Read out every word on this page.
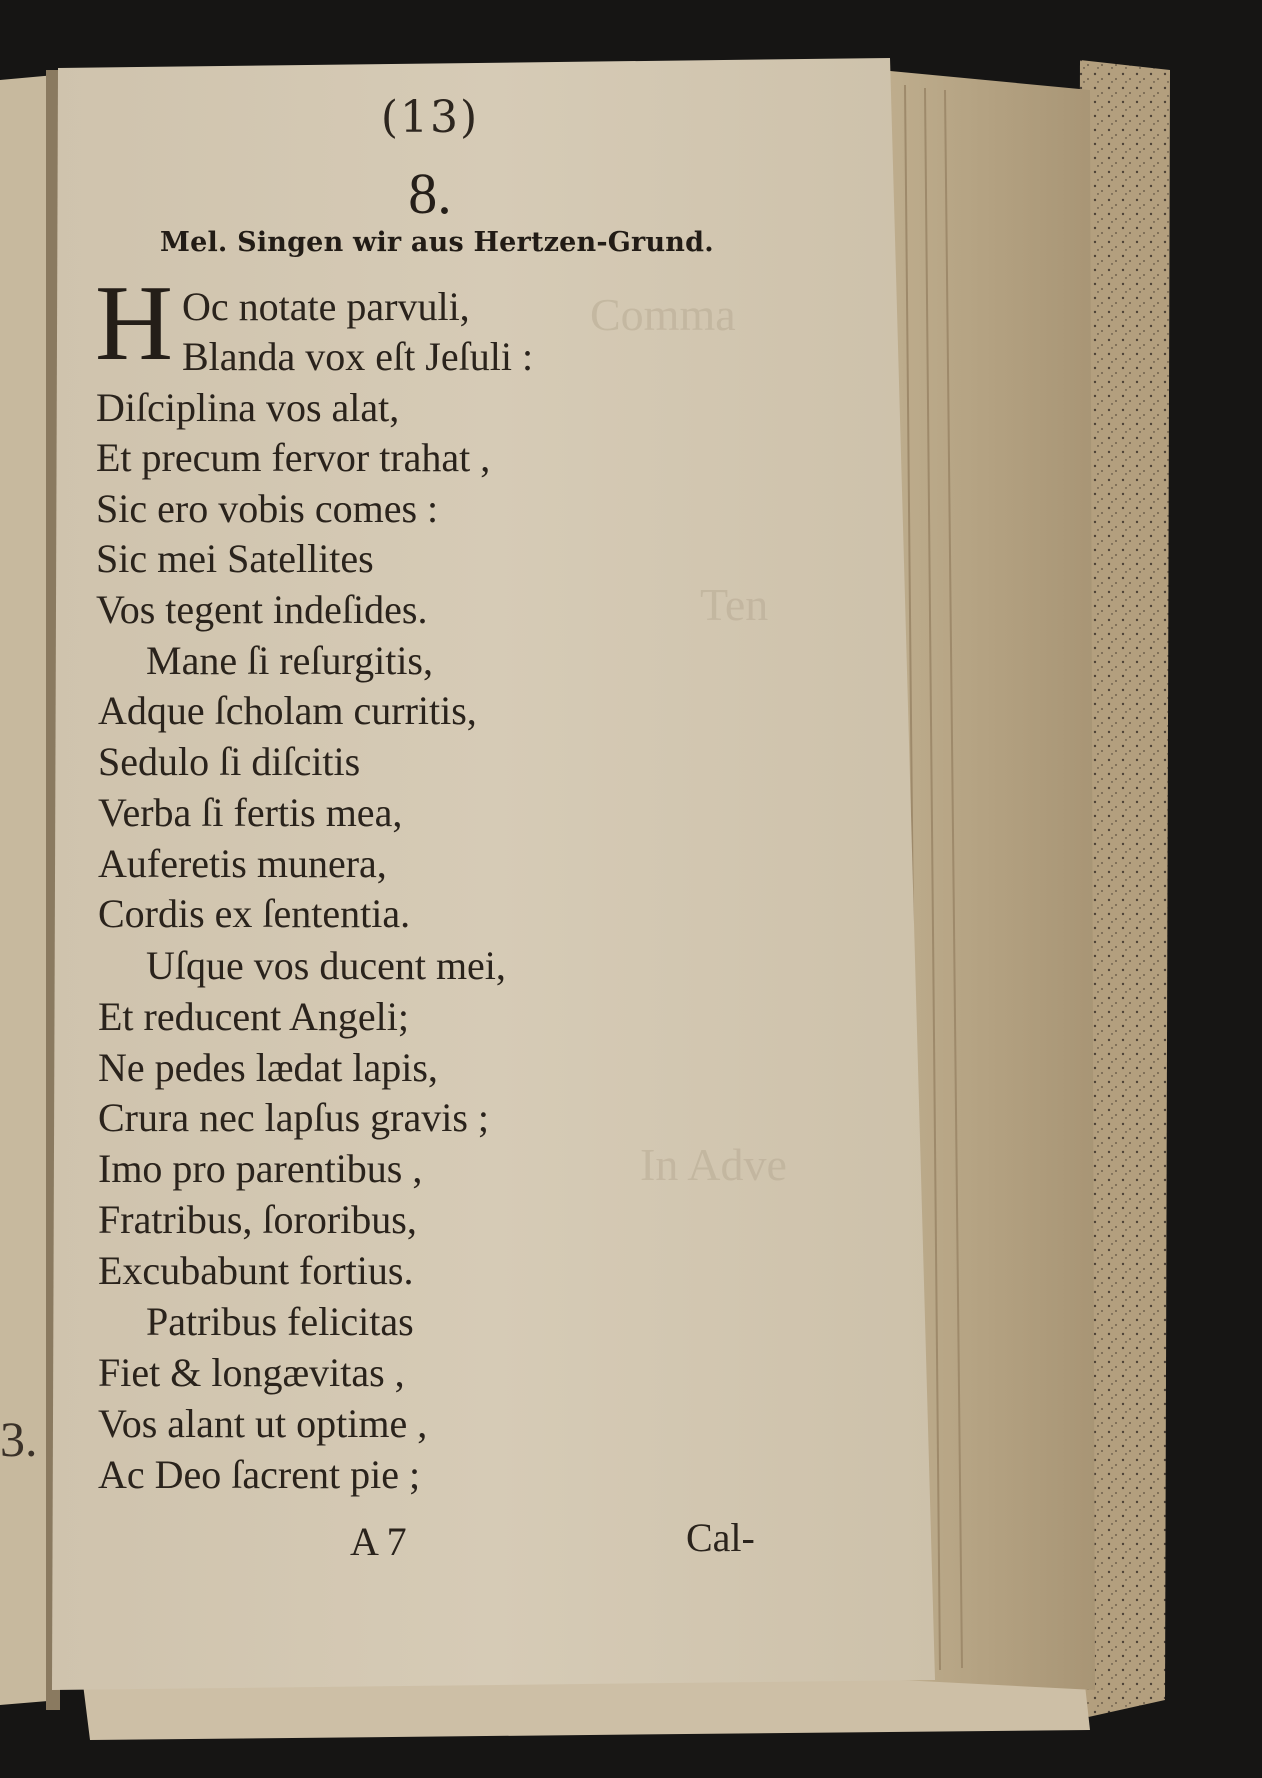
Comma
Ten
In Adve
(13)
8.
Mel. Singen wir aus Hertzen-Grund.
H Oc notate parvuli,
Blanda vox eſt Jeſuli :
Diſciplina vos alat,
Et precum fervor trahat ,
Sic ero vobis comes :
Sic mei Satellites
Vos tegent indeſides.
Mane ſi reſurgitis,
Adque ſcholam curritis,
Sedulo ſi diſcitis
Verba ſi fertis mea,
Auferetis munera,
Cordis ex ſententia.
Uſque vos ducent mei,
Et reducent Angeli;
Ne pedes lædat lapis,
Crura nec lapſus gravis ;
Imo pro parentibus ,
Fratribus, ſororibus,
Excubabunt fortius.
Patribus felicitas
Fiet & longævitas ,
Vos alant ut optime ,
Ac Deo ſacrent pie ;
A 7	Cal-
3.
